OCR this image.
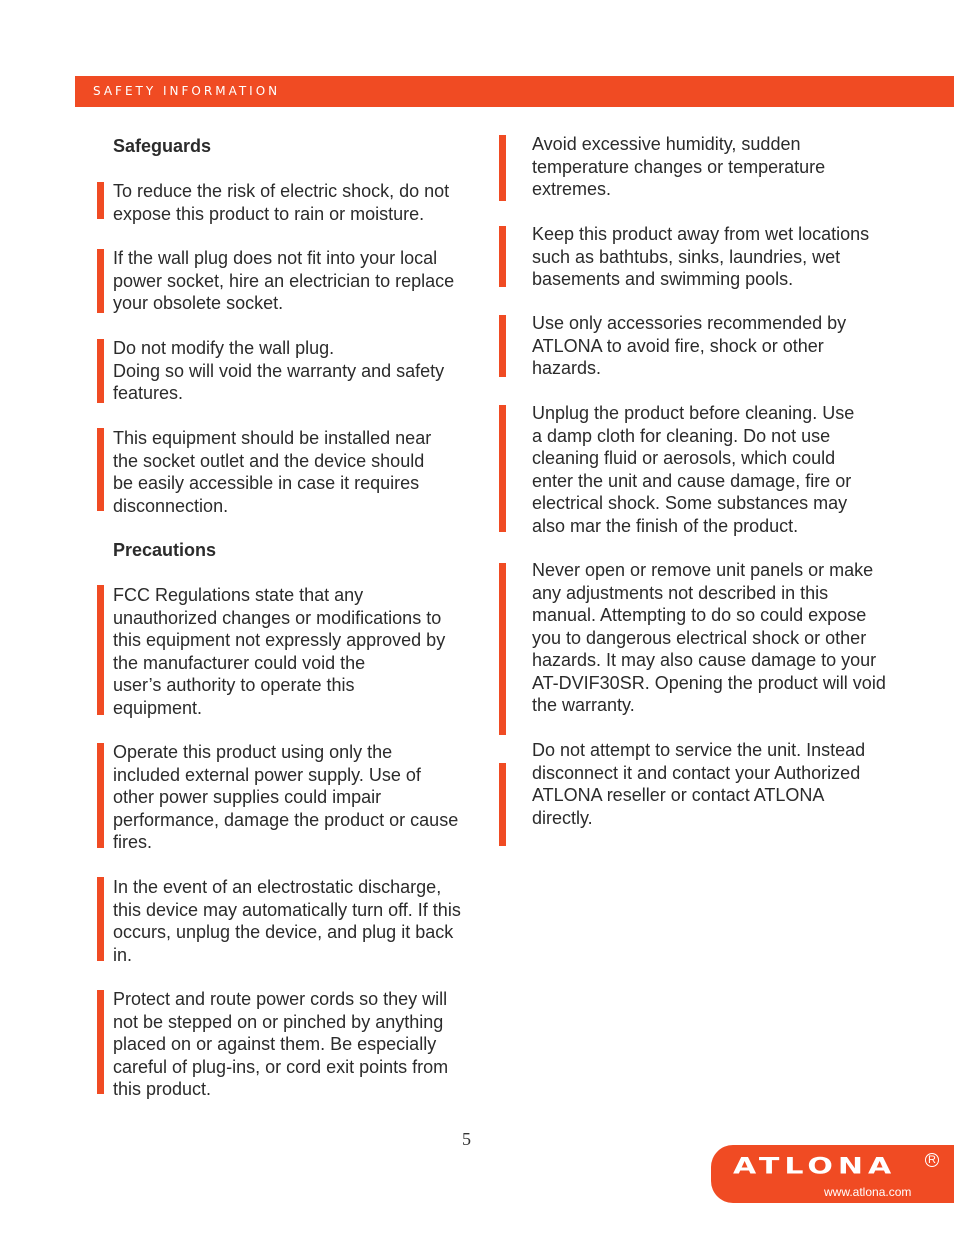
SAFETY INFORMATION
Safeguards
To reduce the risk of electric shock, do not
expose this product to rain or moisture.
If the wall plug does not fit into your local
power socket, hire an electrician to replace
your obsolete socket.
Do not modify the wall plug.
Doing so will void the warranty and safety
features.
This equipment should be installed near
the socket outlet and the device should
be easily accessible in case it requires
disconnection.
Precautions
FCC Regulations state that any
unauthorized changes or modifications to
this equipment not expressly approved by
the manufacturer could void the
user’s authority to operate this
equipment.
Operate this product using only the
included external power supply. Use of
other power supplies could impair
performance, damage the product or cause
fires.
In the event of an electrostatic discharge,
this device may automatically turn off. If this
occurs, unplug the device, and plug it back
in.
Protect and route power cords so they will
not be stepped on or pinched by anything
placed on or against them. Be especially
careful of plug-ins, or cord exit points from
this product.
Avoid excessive humidity, sudden
temperature changes or temperature
extremes.
Keep this product away from wet locations
such as bathtubs, sinks, laundries, wet
basements and swimming pools.
Use only accessories recommended by
ATLONA to avoid fire, shock or other
hazards.
Unplug the product before cleaning. Use
a damp cloth for cleaning. Do not use
cleaning fluid or aerosols, which could
enter the unit and cause damage, fire or
electrical shock. Some substances may
also mar the finish of the product.
Never open or remove unit panels or make
any adjustments not described in this
manual. Attempting to do so could expose
you to dangerous electrical shock or other
hazards. It may also cause damage to your
AT-DVIF30SR. Opening the product will void
the warranty.
Do not attempt to service the unit. Instead
disconnect it and contact your Authorized
ATLONA reseller or contact ATLONA
directly.
5
ATLONA	R
www.atlona.com
